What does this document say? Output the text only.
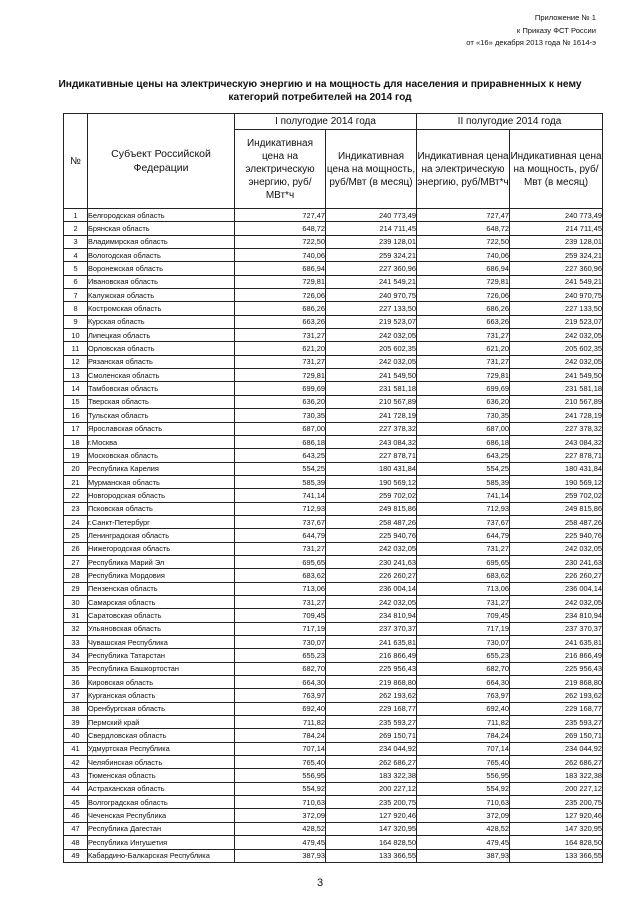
Приложение № 1
к Приказу ФСТ России
от «16» декабря 2013 года № 1614-э
Индикативные цены на электрическую энергию и на мощность для населения и приравненных к нему категорий потребителей на 2014 год
№	Субъект Российской Федерации	I полугодие 2014 года		II полугодие 2014 года	
		Индикативная цена на электрическую энергию, руб/МВт*ч	Индикативная цена на мощность, руб/Мвт (в месяц)	Индикативная цена на электрическую энергию, руб/МВт*ч	Индикативная цена на мощность, руб/Мвт (в месяц)
1	Белгородская область	727,47	240 773,49	727,47	240 773,49
2	Брянская область	648,72	214 711,45	648,72	214 711,45
3	Владимирская область	722,50	239 128,01	722,50	239 128,01
4	Вологодская область	740,06	259 324,21	740,06	259 324,21
5	Воронежская область	686,94	227 360,96	686,94	227 360,96
6	Ивановская область	729,81	241 549,21	729,81	241 549,21
7	Калужская область	726,06	240 970,75	726,06	240 970,75
8	Костромская область	686,26	227 133,50	686,26	227 133,50
9	Курская область	663,26	219 523,07	663,26	219 523,07
10	Липецкая область	731,27	242 032,05	731,27	242 032,05
11	Орловская область	621,20	205 602,35	621,20	205 602,35
12	Рязанская область	731,27	242 032,05	731,27	242 032,05
13	Смоленская область	729,81	241 549,50	729,81	241 549,50
14	Тамбовская область	699,69	231 581,18	699,69	231 581,18
15	Тверская область	636,20	210 567,89	636,20	210 567,89
16	Тульская область	730,35	241 728,19	730,35	241 728,19
17	Ярославская область	687,00	227 378,32	687,00	227 378,32
18	г.Москва	686,18	243 084,32	686,18	243 084,32
19	Московская область	643,25	227 878,71	643,25	227 878,71
20	Республика Карелия	554,25	180 431,84	554,25	180 431,84
21	Мурманская область	585,39	190 569,12	585,39	190 569,12
22	Новгородская область	741,14	259 702,02	741,14	259 702,02
23	Псковская область	712,93	249 815,86	712,93	249 815,86
24	г.Санкт-Петербург	737,67	258 487,26	737,67	258 487,26
25	Ленинградская область	644,79	225 940,76	644,79	225 940,76
26	Нижегородская область	731,27	242 032,05	731,27	242 032,05
27	Республика Марий Эл	695,65	230 241,63	695,65	230 241,63
28	Республика Мордовия	683,62	226 260,27	683,62	226 260,27
29	Пензенская область	713,06	236 004,14	713,06	236 004,14
30	Самарская область	731,27	242 032,05	731,27	242 032,05
31	Саратовская область	709,45	234 810,94	709,45	234 810,94
32	Ульяновская область	717,19	237 370,37	717,19	237 370,37
33	Чувашская Республика	730,07	241 635,81	730,07	241 635,81
34	Республика Татарстан	655,23	216 866,49	655,23	216 866,49
35	Республика Башкортостан	682,70	225 956,43	682,70	225 956,43
36	Кировская область	664,30	219 868,80	664,30	219 868,80
37	Курганская область	763,97	262 193,62	763,97	262 193,62
38	Оренбургская область	692,40	229 168,77	692,40	229 168,77
39	Пермский край	711,82	235 593,27	711,82	235 593,27
40	Свердловская область	784,24	269 150,71	784,24	269 150,71
41	Удмуртская Республика	707,14	234 044,92	707,14	234 044,92
42	Челябинская область	765,40	262 686,27	765,40	262 686,27
43	Тюменская область	556,95	183 322,38	556,95	183 322,38
44	Астраханская область	554,92	200 227,12	554,92	200 227,12
45	Волгоградская область	710,63	235 200,75	710,63	235 200,75
46	Чеченская Республика	372,09	127 920,46	372,09	127 920,46
47	Республика Дагестан	428,52	147 320,95	428,52	147 320,95
48	Республика Ингушетия	479,45	164 828,50	479,45	164 828,50
49	Кабардино-Балкарская Республика	387,93	133 366,55	387,93	133 366,55
3
